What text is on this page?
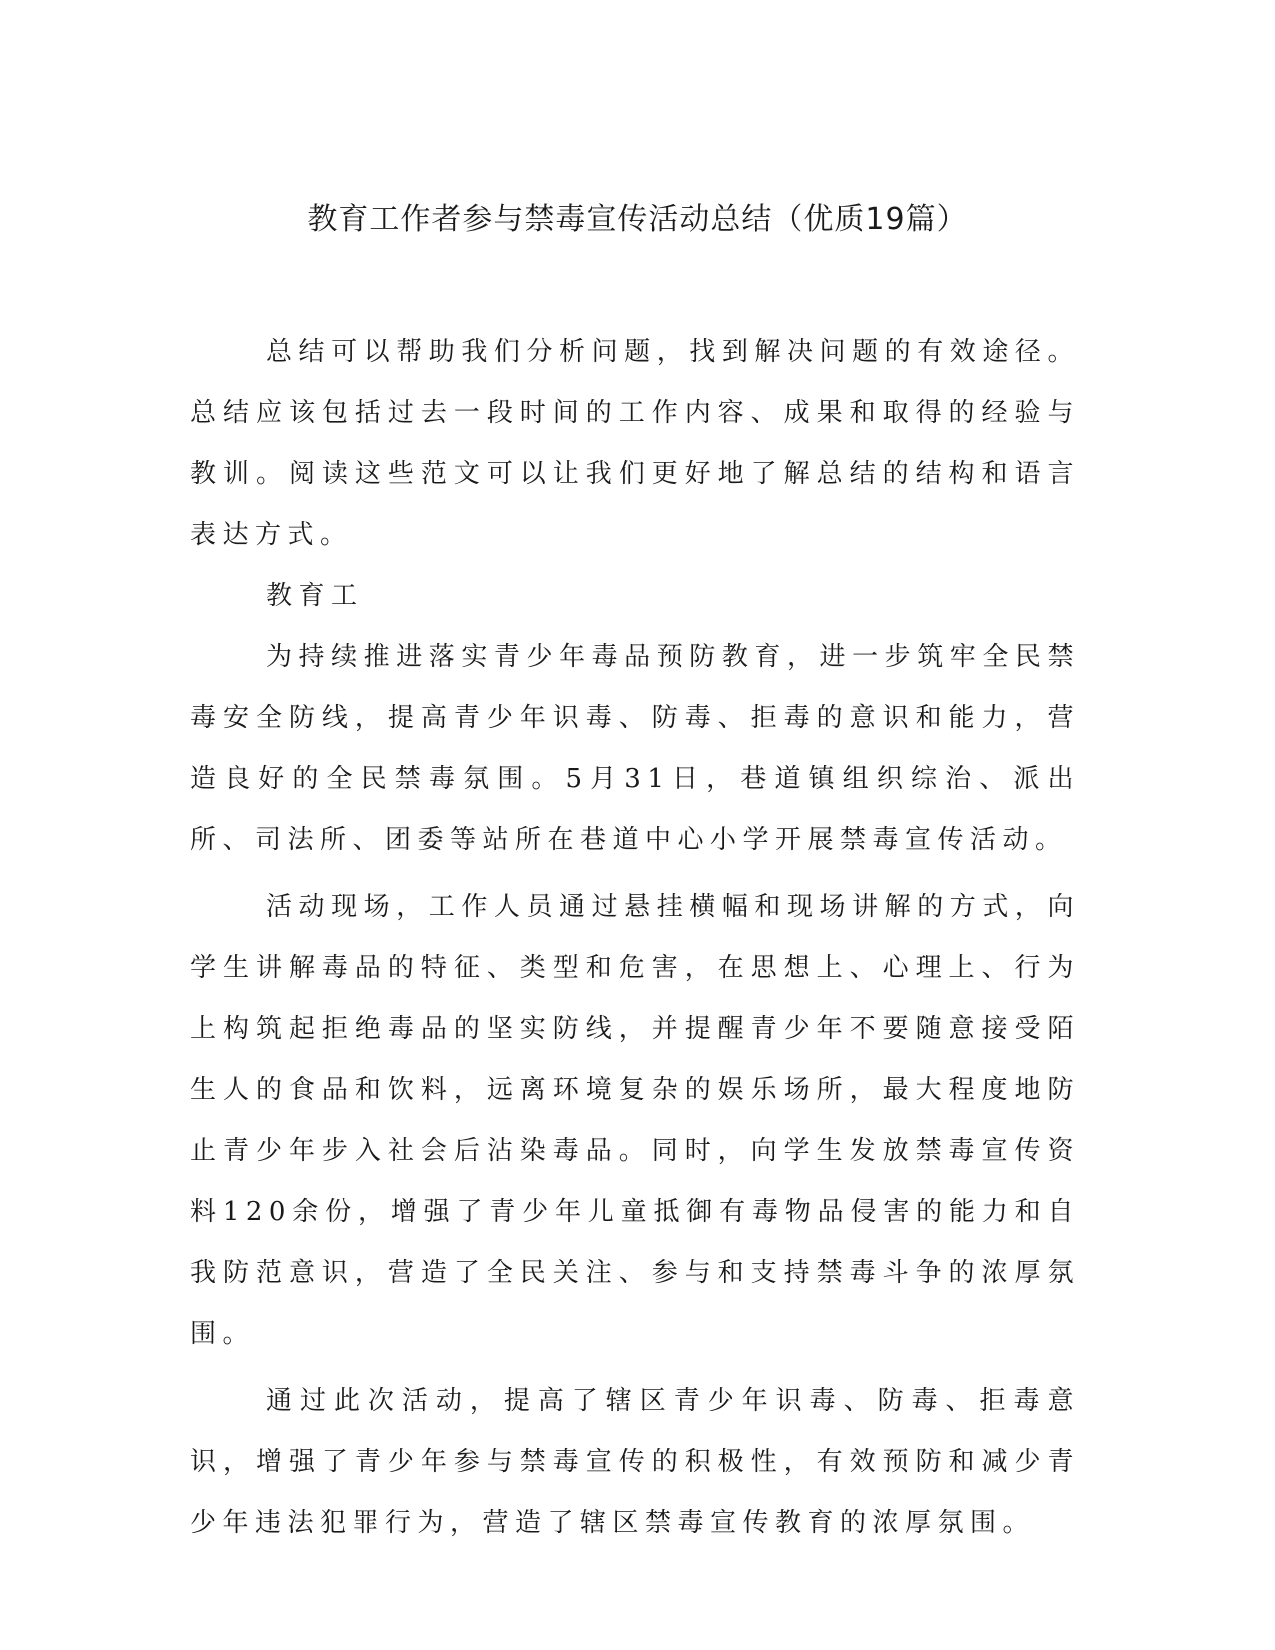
教育工作者参与禁毒宣传活动总结（优质19篇）

总结可以帮助我们分析问题，找到解决问题的有效途径。总结应该包括过去一段时间的工作内容、成果和取得的经验与教训。阅读这些范文可以让我们更好地了解总结的结构和语言表达方式。

教育工

为持续推进落实青少年毒品预防教育，进一步筑牢全民禁毒安全防线，提高青少年识毒、防毒、拒毒的意识和能力，营造良好的全民禁毒氛围。5月31日，巷道镇组织综治、派出所、司法所、团委等站所在巷道中心小学开展禁毒宣传活动。

活动现场，工作人员通过悬挂横幅和现场讲解的方式，向学生讲解毒品的特征、类型和危害，在思想上、心理上、行为上构筑起拒绝毒品的坚实防线，并提醒青少年不要随意接受陌生人的食品和饮料，远离环境复杂的娱乐场所，最大程度地防止青少年步入社会后沾染毒品。同时，向学生发放禁毒宣传资料120余份，增强了青少年儿童抵御有毒物品侵害的能力和自我防范意识，营造了全民关注、参与和支持禁毒斗争的浓厚氛围。

通过此次活动，提高了辖区青少年识毒、防毒、拒毒意识，增强了青少年参与禁毒宣传的积极性，有效预防和减少青少年违法犯罪行为，营造了辖区禁毒宣传教育的浓厚氛围。
